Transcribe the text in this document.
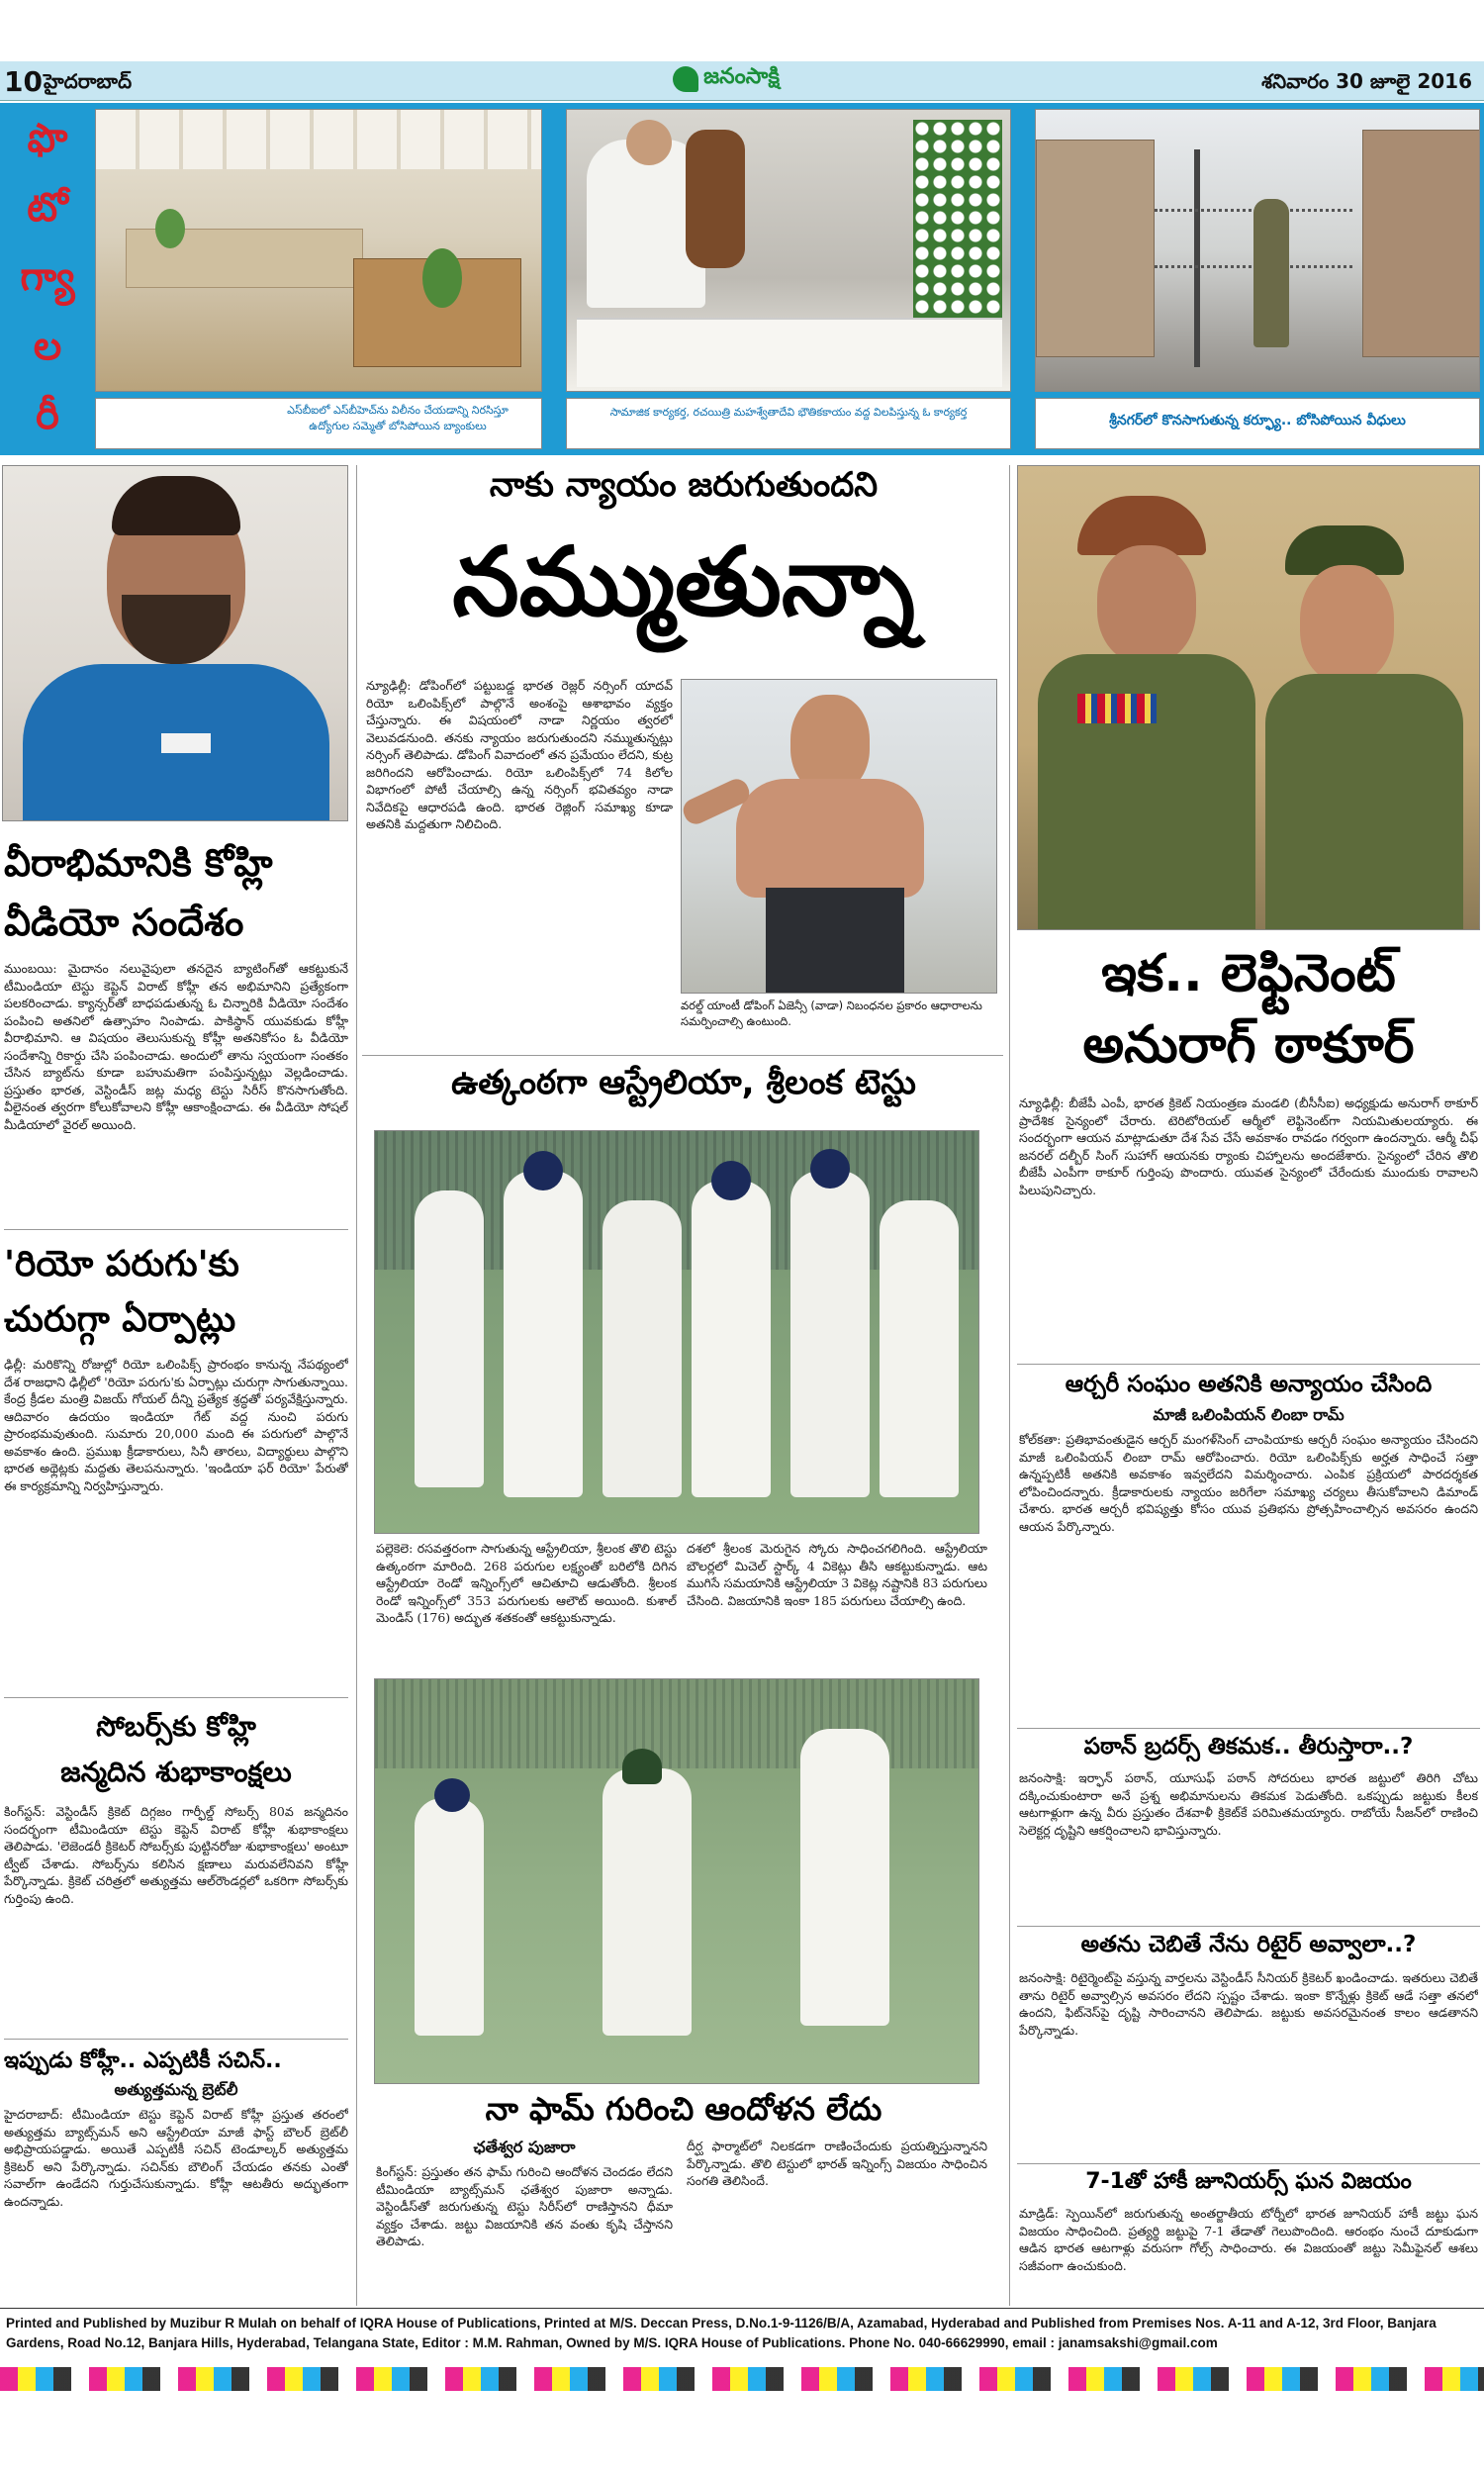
10 హైదరాబాద్	జనంసాక్షి	శనివారం 30 జూలై 2016
ఫొ
టో
గ్యా
ల
రీ	ఎస్‌బీఐలో ఎస్‌బీహెచ్‌ను విలీనం చేయడాన్ని నిరసిస్తూ ఉద్యోగుల సమ్మెతో బోసిపోయిన బ్యాంకులు
సామాజిక కార్యకర్త, రచయిత్రి మహశ్వేతాదేవి భౌతికకాయం వద్ద విలపిస్తున్న ఓ కార్యకర్త
శ్రీనగర్‌లో కొనసాగుతున్న కర్ఫ్యూ.. బోసిపోయిన వీధులు
వీరాభిమానికి కోహ్లి
వీడియో సందేశం
ముంబయి: మైదానం నలువైపులా తనదైన బ్యాటింగ్‌తో ఆకట్టుకునే టీమిండియా టెస్టు కెప్టెన్ విరాట్ కోహ్లీ తన అభిమానిని ప్రత్యేకంగా పలకరించాడు. క్యాన్సర్‌తో బాధపడుతున్న ఓ చిన్నారికి వీడియో సందేశం పంపించి అతనిలో ఉత్సాహం నింపాడు. పాకిస్థాన్ యువకుడు కోహ్లీ వీరాభిమాని. ఆ విషయం తెలుసుకున్న కోహ్లీ అతనికోసం ఓ వీడియో సందేశాన్ని రికార్డు చేసి పంపించాడు. అందులో తాను స్వయంగా సంతకం చేసిన బ్యాట్‌ను కూడా బహుమతిగా పంపిస్తున్నట్లు వెల్లడించాడు. ప్రస్తుతం భారత, వెస్టిండీస్ జట్ల మధ్య టెస్టు సిరీస్ కొనసాగుతోంది. వీలైనంత త్వరగా కోలుకోవాలని కోహ్లీ ఆకాంక్షించాడు. ఈ వీడియో సోషల్ మీడియాలో వైరల్ అయింది.
'రియో పరుగు'కు
చురుగ్గా ఏర్పాట్లు
ఢిల్లీ: మరికొన్ని రోజుల్లో రియో ఒలింపిక్స్ ప్రారంభం కానున్న నేపథ్యంలో దేశ రాజధాని ఢిల్లీలో 'రియో పరుగు'కు ఏర్పాట్లు చురుగ్గా సాగుతున్నాయి. కేంద్ర క్రీడల మంత్రి విజయ్ గోయల్ దీన్ని ప్రత్యేక శ్రద్ధతో పర్యవేక్షిస్తున్నారు. ఆదివారం ఉదయం ఇండియా గేట్ వద్ద నుంచి పరుగు ప్రారంభమవుతుంది. సుమారు 20,000 మంది ఈ పరుగులో పాల్గొనే అవకాశం ఉంది. ప్రముఖ క్రీడాకారులు, సినీ తారలు, విద్యార్థులు పాల్గొని భారత అథ్లెట్లకు మద్దతు తెలపనున్నారు. 'ఇండియా ఫర్ రియో' పేరుతో ఈ కార్యక్రమాన్ని నిర్వహిస్తున్నారు.
సోబర్స్‌కు కోహ్లి
జన్మదిన శుభాకాంక్షలు
కింగ్‌స్టన్: వెస్టిండీస్ క్రికెట్ దిగ్గజం గార్ఫీల్డ్ సోబర్స్ 80వ జన్మదినం సందర్భంగా టీమిండియా టెస్టు కెప్టెన్ విరాట్ కోహ్లీ శుభాకాంక్షలు తెలిపాడు. 'లెజెండరీ క్రికెటర్ సోబర్స్‌కు పుట్టినరోజు శుభాకాంక్షలు' అంటూ ట్వీట్ చేశాడు. సోబర్స్‌ను కలిసిన క్షణాలు మరువలేనివని కోహ్లీ పేర్కొన్నాడు. క్రికెట్ చరిత్రలో అత్యుత్తమ ఆల్‌రౌండర్లలో ఒకరిగా సోబర్స్‌కు గుర్తింపు ఉంది.
ఇప్పుడు కోహ్లీ.. ఎప్పటికీ సచిన్..
అత్యుత్తమన్న బ్రెట్‌లీ
హైదరాబాద్: టీమిండియా టెస్టు కెప్టెన్ విరాట్ కోహ్లీ ప్రస్తుత తరంలో అత్యుత్తమ బ్యాట్స్‌మన్ అని ఆస్ట్రేలియా మాజీ ఫాస్ట్ బౌలర్ బ్రెట్‌లీ అభిప్రాయపడ్డాడు. అయితే ఎప్పటికీ సచిన్ టెండూల్కర్ అత్యుత్తమ క్రికెటర్ అని పేర్కొన్నాడు. సచిన్‌కు బౌలింగ్ చేయడం తనకు ఎంతో సవాల్‌గా ఉండేదని గుర్తుచేసుకున్నాడు. కోహ్లీ ఆటతీరు అద్భుతంగా ఉందన్నాడు.
నాకు న్యాయం జరుగుతుందని
నమ్ముతున్నా
న్యూఢిల్లీ: డోపింగ్‌లో పట్టుబడ్డ భారత రెజ్లర్ నర్సింగ్ యాదవ్ రియో ఒలింపిక్స్‌లో పాల్గొనే అంశంపై ఆశాభావం వ్యక్తం చేస్తున్నారు. ఈ విషయంలో నాడా నిర్ణయం త్వరలో వెలువడనుంది. తనకు న్యాయం జరుగుతుందని నమ్ముతున్నట్లు నర్సింగ్ తెలిపాడు. డోపింగ్ వివాదంలో తన ప్రమేయం లేదని, కుట్ర జరిగిందని ఆరోపించాడు. రియో ఒలింపిక్స్‌లో 74 కిలోల విభాగంలో పోటీ చేయాల్సి ఉన్న నర్సింగ్ భవితవ్యం నాడా నివేదికపై ఆధారపడి ఉంది. భారత రెజ్లింగ్ సమాఖ్య కూడా అతనికి మద్దతుగా నిలిచింది.
వరల్డ్ యాంటీ డోపింగ్ ఏజెన్సీ (వాడా) నిబంధనల ప్రకారం ఆధారాలను సమర్పించాల్సి ఉంటుంది.
ఉత్కంఠగా ఆస్ట్రేలియా, శ్రీలంక టెస్టు
పల్లెకెలె: రసవత్తరంగా సాగుతున్న ఆస్ట్రేలియా, శ్రీలంక తొలి టెస్టు ఉత్కంఠగా మారింది. 268 పరుగుల లక్ష్యంతో బరిలోకి దిగిన ఆస్ట్రేలియా రెండో ఇన్నింగ్స్‌లో ఆచితూచి ఆడుతోంది. శ్రీలంక రెండో ఇన్నింగ్స్‌లో 353 పరుగులకు ఆలౌట్ అయింది. కుశాల్ మెండిస్ (176) అద్భుత శతకంతో ఆకట్టుకున్నాడు.
దశలో శ్రీలంక మెరుగైన స్కోరు సాధించగలిగింది. ఆస్ట్రేలియా బౌలర్లలో మిచెల్ స్టార్క్ 4 వికెట్లు తీసి ఆకట్టుకున్నాడు. ఆట ముగిసే సమయానికి ఆస్ట్రేలియా 3 వికెట్ల నష్టానికి 83 పరుగులు చేసింది. విజయానికి ఇంకా 185 పరుగులు చేయాల్సి ఉంది.
నా ఫామ్ గురించి ఆందోళన లేదు
ఛతేశ్వర పుజారా
కింగ్‌స్టన్: ప్రస్తుతం తన ఫామ్ గురించి ఆందోళన చెందడం లేదని టీమిండియా బ్యాట్స్‌మన్ ఛతేశ్వర పుజారా అన్నాడు. వెస్టిండీస్‌తో జరుగుతున్న టెస్టు సిరీస్‌లో రాణిస్తానని ధీమా వ్యక్తం చేశాడు. జట్టు విజయానికి తన వంతు కృషి చేస్తానని తెలిపాడు.
దీర్ఘ ఫార్మాట్‌లో నిలకడగా రాణించేందుకు ప్రయత్నిస్తున్నానని పేర్కొన్నాడు. తొలి టెస్టులో భారత్ ఇన్నింగ్స్ విజయం సాధించిన సంగతి తెలిసిందే.
ఇక.. లెఫ్టినెంట్
అనురాగ్ ఠాకూర్
న్యూఢిల్లీ: బీజేపీ ఎంపీ, భారత క్రికెట్ నియంత్రణ మండలి (బీసీసీఐ) అధ్యక్షుడు అనురాగ్ ఠాకూర్ ప్రాదేశిక సైన్యంలో చేరారు. టెరిటోరియల్ ఆర్మీలో లెఫ్టినెంట్‌గా నియమితులయ్యారు. ఈ సందర్భంగా ఆయన మాట్లాడుతూ దేశ సేవ చేసే అవకాశం రావడం గర్వంగా ఉందన్నారు. ఆర్మీ చీఫ్ జనరల్ దల్బీర్ సింగ్ సుహాగ్ ఆయనకు ర్యాంకు చిహ్నాలను అందజేశారు. సైన్యంలో చేరిన తొలి బీజేపీ ఎంపీగా ఠాకూర్ గుర్తింపు పొందారు. యువత సైన్యంలో చేరేందుకు ముందుకు రావాలని పిలుపునిచ్చారు.
ఆర్చరీ సంఘం అతనికి అన్యాయం చేసింది
మాజీ ఒలింపియన్ లింబా రామ్
కోల్‌కతా: ప్రతిభావంతుడైన ఆర్చర్ మంగళ్‌సింగ్ చాంపియాకు ఆర్చరీ సంఘం అన్యాయం చేసిందని మాజీ ఒలింపియన్ లింబా రామ్ ఆరోపించారు. రియో ఒలింపిక్స్‌కు అర్హత సాధించే సత్తా ఉన్నప్పటికీ అతనికి అవకాశం ఇవ్వలేదని విమర్శించారు. ఎంపిక ప్రక్రియలో పారదర్శకత లోపించిందన్నారు. క్రీడాకారులకు న్యాయం జరిగేలా సమాఖ్య చర్యలు తీసుకోవాలని డిమాండ్ చేశారు. భారత ఆర్చరీ భవిష్యత్తు కోసం యువ ప్రతిభను ప్రోత్సహించాల్సిన అవసరం ఉందని ఆయన పేర్కొన్నారు.
పఠాన్ బ్రదర్స్ తికమక.. తీరుస్తారా..?
జనంసాక్షి: ఇర్ఫాన్ పఠాన్, యూసుఫ్ పఠాన్ సోదరులు భారత జట్టులో తిరిగి చోటు దక్కించుకుంటారా అనే ప్రశ్న అభిమానులను తికమక పెడుతోంది. ఒకప్పుడు జట్టుకు కీలక ఆటగాళ్లుగా ఉన్న వీరు ప్రస్తుతం దేశవాళీ క్రికెట్‌కే పరిమితమయ్యారు. రాబోయే సీజన్‌లో రాణించి సెలెక్టర్ల దృష్టిని ఆకర్షించాలని భావిస్తున్నారు.
అతను చెబితే నేను రిటైర్ అవ్వాలా..?
జనంసాక్షి: రిటైర్మెంట్‌పై వస్తున్న వార్తలను వెస్టిండీస్ సీనియర్ క్రికెటర్ ఖండించాడు. ఇతరులు చెబితే తాను రిటైర్ అవ్వాల్సిన అవసరం లేదని స్పష్టం చేశాడు. ఇంకా కొన్నేళ్లు క్రికెట్ ఆడే సత్తా తనలో ఉందని, ఫిట్‌నెస్‌పై దృష్టి సారించానని తెలిపాడు. జట్టుకు అవసరమైనంత కాలం ఆడతానని పేర్కొన్నాడు.
7-1తో హాకీ జూనియర్స్ ఘన విజయం
మాడ్రిడ్: స్పెయిన్‌లో జరుగుతున్న అంతర్జాతీయ టోర్నీలో భారత జూనియర్ హాకీ జట్టు ఘన విజయం సాధించింది. ప్రత్యర్థి జట్టుపై 7-1 తేడాతో గెలుపొందింది. ఆరంభం నుంచే దూకుడుగా ఆడిన భారత ఆటగాళ్లు వరుసగా గోల్స్ సాధించారు. ఈ విజయంతో జట్టు సెమీఫైనల్ ఆశలు సజీవంగా ఉంచుకుంది.
Printed and Published by Muzibur R Mulah on behalf of IQRA House of Publications, Printed at M/S. Deccan Press, D.No.1-9-1126/B/A, Azamabad, Hyderabad and Published from Premises Nos. A-11 and A-12, 3rd Floor, Banjara Gardens, Road No.12, Banjara Hills, Hyderabad, Telangana State, Editor : M.M. Rahman, Owned by M/S. IQRA House of Publications. Phone No. 040-66629990, email : janamsakshi@gmail.com
